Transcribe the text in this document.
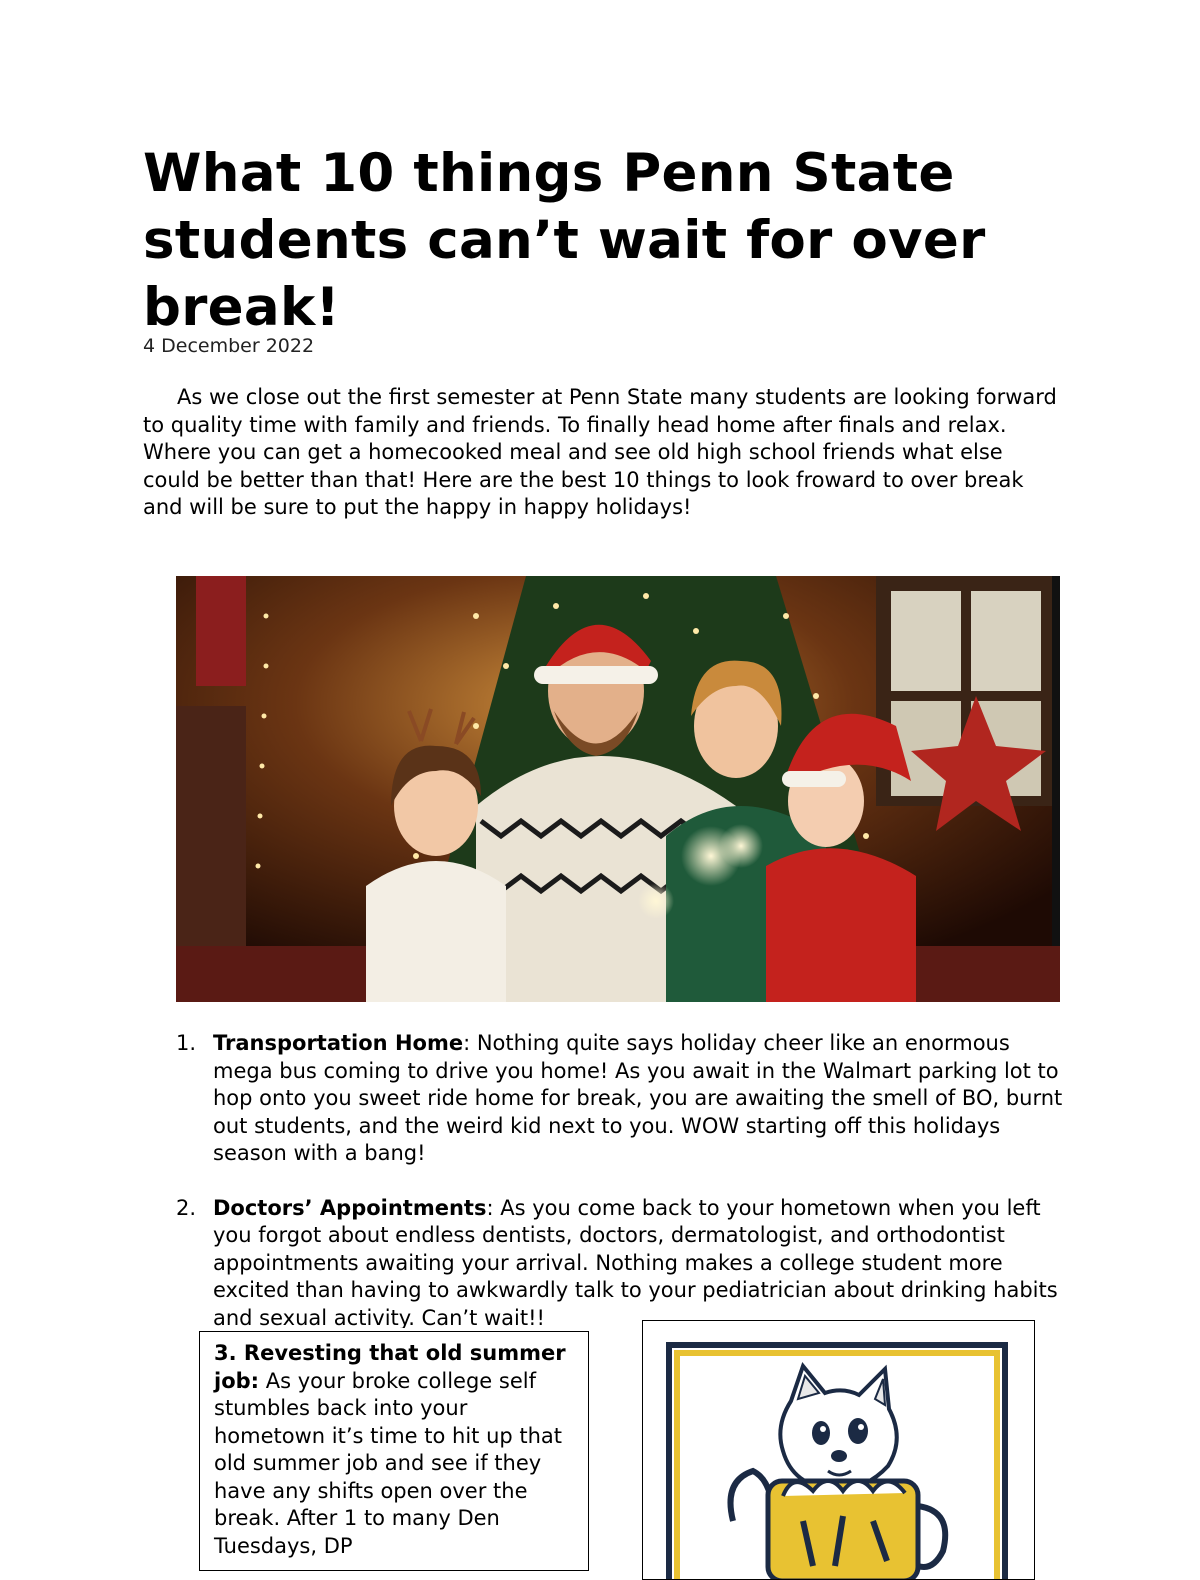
What 10 things Penn State students can’t wait for over break!
4 December 2022

As we close out the first semester at Penn State many students are looking forward to quality time with family and friends. To finally head home after finals and relax. Where you can get a homecooked meal and see old high school friends what else could be better than that! Here are the best 10 things to look froward to over break and will be sure to put the happy in happy holidays!

1. Transportation Home: Nothing quite says holiday cheer like an enormous mega bus coming to drive you home! As you await in the Walmart parking lot to hop onto you sweet ride home for break, you are awaiting the smell of BO, burnt out students, and the weird kid next to you. WOW starting off this holidays season with a bang!
2. Doctors’ Appointments: As you come back to your hometown when you left you forgot about endless dentists, doctors, dermatologist, and orthodontist appointments awaiting your arrival. Nothing makes a college student more excited than having to awkwardly talk to your pediatrician about drinking habits and sexual activity. Can’t wait!!

3. Revesting that old summer job: As your broke college self stumbles back into your hometown it’s time to hit up that old summer job and see if they have any shifts open over the break. After 1 to many Den Tuesdays, DP
